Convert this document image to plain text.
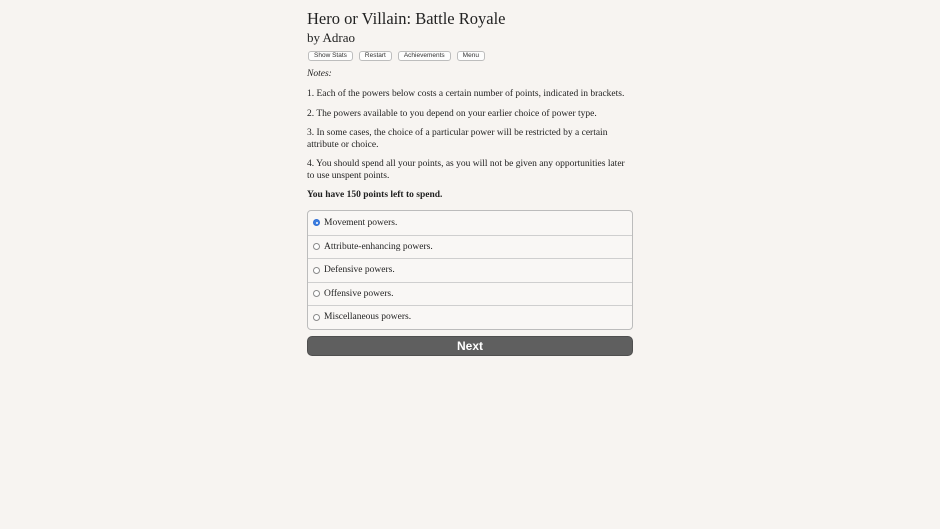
Hero or Villain: Battle Royale
by Adrao
Show Stats	Restart	Achievements	Menu
Notes:

1. Each of the powers below costs a certain number of points, indicated in brackets.

2. The powers available to you depend on your earlier choice of power type.

3. In some cases, the choice of a particular power will be restricted by a certain attribute or choice.

4. You should spend all your points, as you will not be given any opportunities later to use unspent points.

You have 150 points left to spend.
Movement powers.
Attribute-enhancing powers.
Defensive powers.
Offensive powers.
Miscellaneous powers.
Next
